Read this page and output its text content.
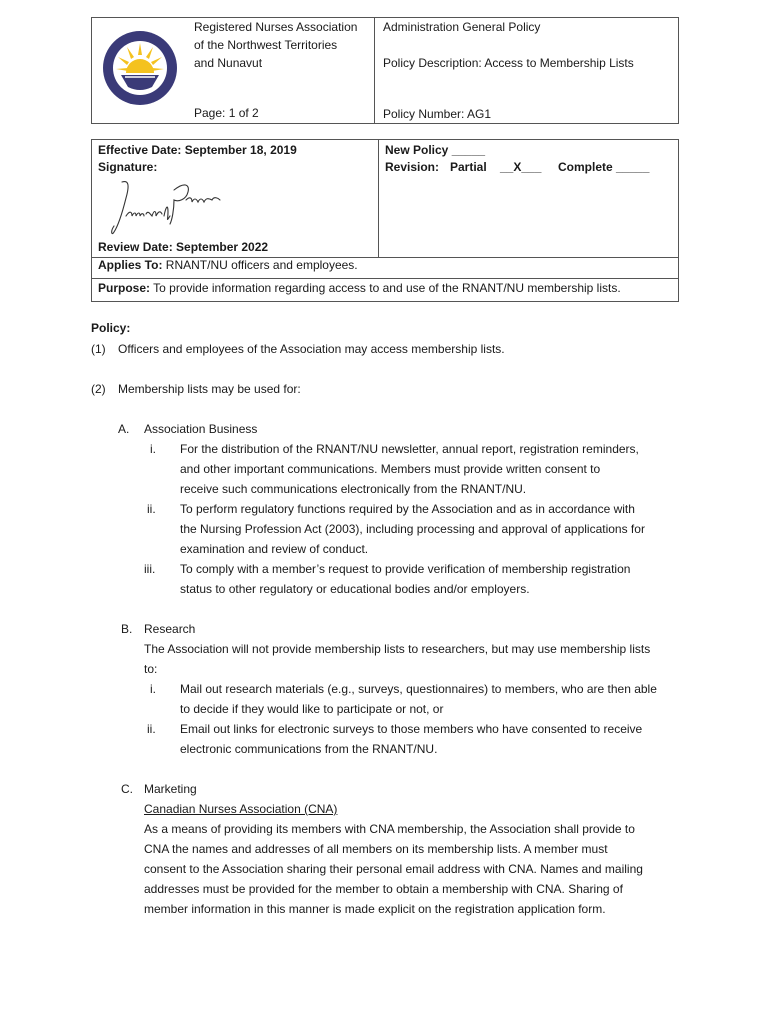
Registered Nurses Association
of the Northwest Territories
and Nunavut
Page: 1 of 2
Administration General Policy
Policy Description: Access to Membership Lists
Policy Number: AG1
Effective Date: September 18, 2019
Signature:
Review Date: September 2022
New Policy _____
Revision: Partial __X___ Complete _____
Applies To: RNANT/NU officers and employees.
Purpose: To provide information regarding access to and use of the RNANT/NU membership lists.
Policy:
(1) Officers and employees of the Association may access membership lists.
(2) Membership lists may be used for:
A. Association Business
i. For the distribution of the RNANT/NU newsletter, annual report, registration reminders,
and other important communications. Members must provide written consent to
receive such communications electronically from the RNANT/NU.
ii. To perform regulatory functions required by the Association and as in accordance with
the Nursing Profession Act (2003), including processing and approval of applications for
examination and review of conduct.
iii. To comply with a member’s request to provide verification of membership registration
status to other regulatory or educational bodies and/or employers.
B. Research
The Association will not provide membership lists to researchers, but may use membership lists
to:
i. Mail out research materials (e.g., surveys, questionnaires) to members, who are then able
to decide if they would like to participate or not, or
ii. Email out links for electronic surveys to those members who have consented to receive
electronic communications from the RNANT/NU.
C. Marketing
Canadian Nurses Association (CNA)
As a means of providing its members with CNA membership, the Association shall provide to
CNA the names and addresses of all members on its membership lists. A member must
consent to the Association sharing their personal email address with CNA. Names and mailing
addresses must be provided for the member to obtain a membership with CNA. Sharing of
member information in this manner is made explicit on the registration application form.
